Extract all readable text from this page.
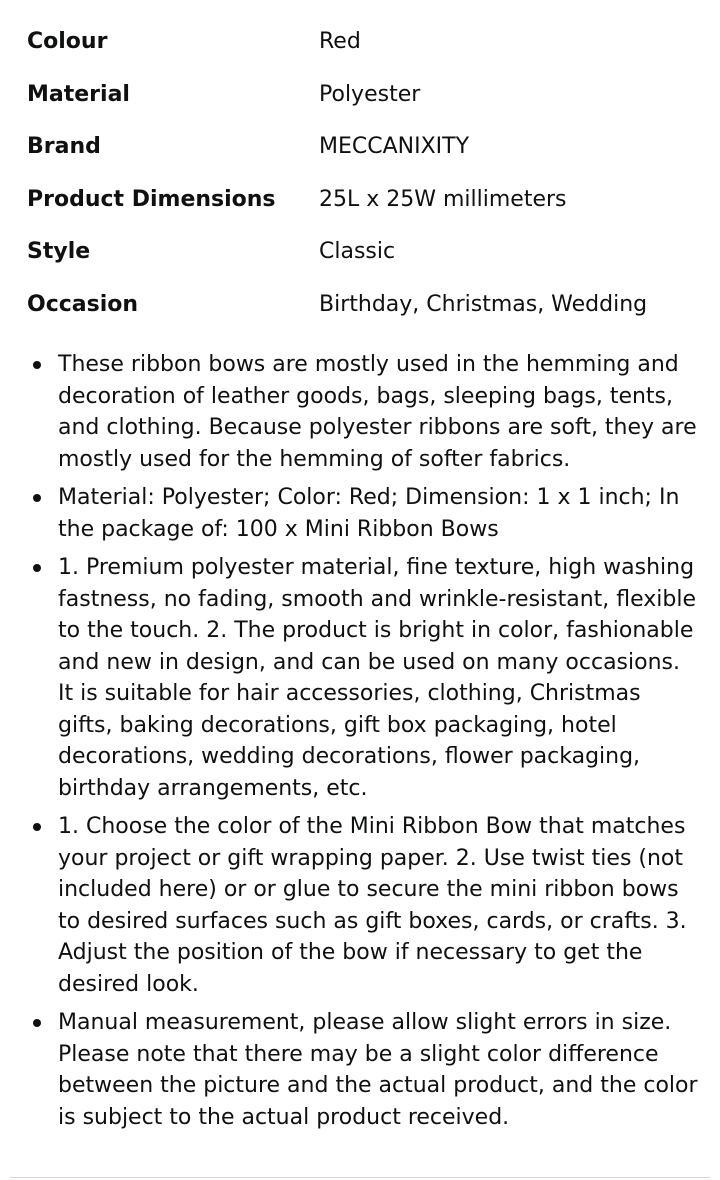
Colour	Red
Material	Polyester
Brand	MECCANIXITY
Product Dimensions	25L x 25W millimeters
Style	Classic
Occasion	Birthday, Christmas, Wedding
These ribbon bows are mostly used in the hemming and decoration of leather goods, bags, sleeping bags, tents, and clothing. Because polyester ribbons are soft, they are mostly used for the hemming of softer fabrics.
Material: Polyester; Color: Red; Dimension: 1 x 1 inch; In the package of: 100 x Mini Ribbon Bows
1. Premium polyester material, fine texture, high washing fastness, no fading, smooth and wrinkle-resistant, flexible to the touch. 2. The product is bright in color, fashionable and new in design, and can be used on many occasions. It is suitable for hair accessories, clothing, Christmas gifts, baking decorations, gift box packaging, hotel decorations, wedding decorations, flower packaging, birthday arrangements, etc.
1. Choose the color of the Mini Ribbon Bow that matches your project or gift wrapping paper. 2. Use twist ties (not included here) or or glue to secure the mini ribbon bows to desired surfaces such as gift boxes, cards, or crafts. 3. Adjust the position of the bow if necessary to get the desired look.
Manual measurement, please allow slight errors in size. Please note that there may be a slight color difference between the picture and the actual product, and the color is subject to the actual product received.
